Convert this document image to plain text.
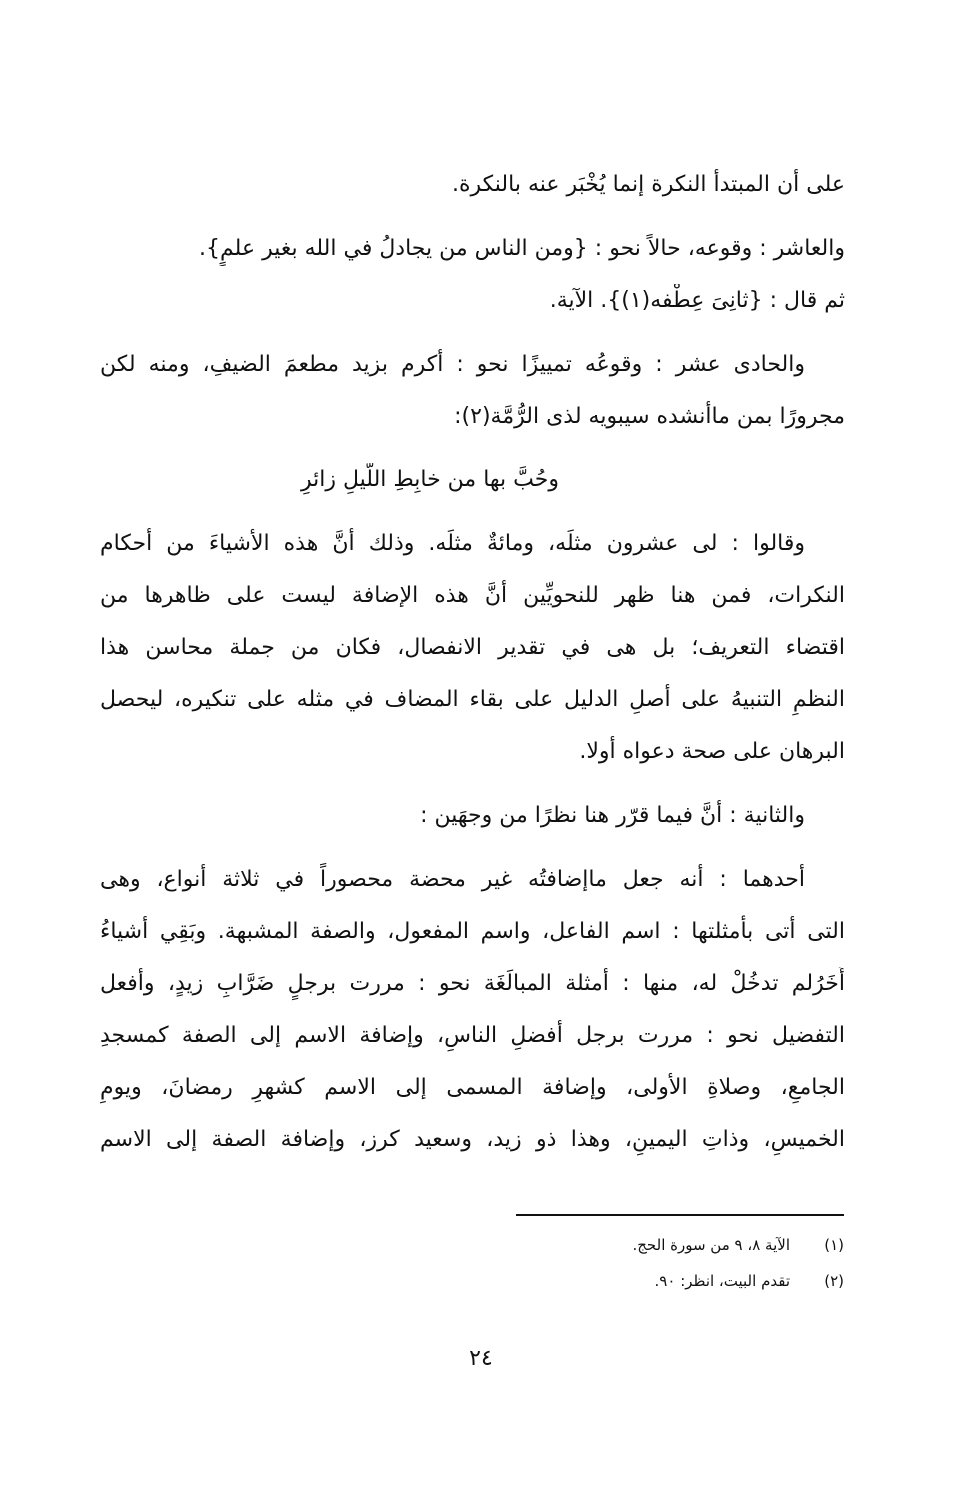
على أن المبتدأ النكرة إنما يُخْبَر عنه بالنكرة.
والعاشر : وقوعه، حالاً نحو : {ومن الناس من يجادلُ في الله بغير علمٍ}.
ثم قال : {ثانِىَ عِطْفه(١)}. الآية.
والحادى عشر : وقوعُه تمييزًا نحو : أكرم بزيد مطعمَ الضيفِ، ومنه لكن
مجرورًا بمن ماأنشده سيبويه لذى الرُّمَّة(٢):
وحُبَّ بها من خابِطِ اللَّيلِ زائرِ
وقالوا : لى عشرون مثلَه، ومائةٌ مثلَه. وذلك أنَّ هذه الأشياءَ من أحكام
النكرات، فمن هنا ظهر للنحويِّين أنَّ هذه الإضافة ليست على ظاهرها من
اقتضاء التعريف؛ بل هى في تقدير الانفصال، فكان من جملة محاسن هذا
النظمِ التنبيهُ على أصلِ الدليل على بقاء المضاف في مثله على تنكيره، ليحصل
البرهان على صحة دعواه أولا.
والثانية : أنَّ فيما قرّر هنا نظرًا من وجهَين :
أحدهما : أنه جعل ماإضافتُه غير محضة محصوراً في ثلاثة أنواع، وهى
التى أتى بأمثلتها : اسم الفاعل، واسم المفعول، والصفة المشبهة. وبَقِي أشياءُ
أُخَرُلم تدخُلْ له، منها : أمثلة المبالَغَة نحو : مررت برجلٍ ضَرَّابِ زيدٍ، وأفعل
التفضيل نحو : مررت برجل أفضلِ الناسِ، وإضافة الاسم إلى الصفة كمسجدِ
الجامعِ، وصلاةِ الأولى، وإضافة المسمى إلى الاسم كشهرِ رمضانَ، ويومِ
الخميسِ، وذاتِ اليمينِ، وهذا ذو زيد، وسعيد كرز، وإضافة الصفة إلى الاسم
(١)
الآية ٨، ٩ من سورة الحج.
(٢)
تقدم البيت، انظر: ٩٠.
٢٤
